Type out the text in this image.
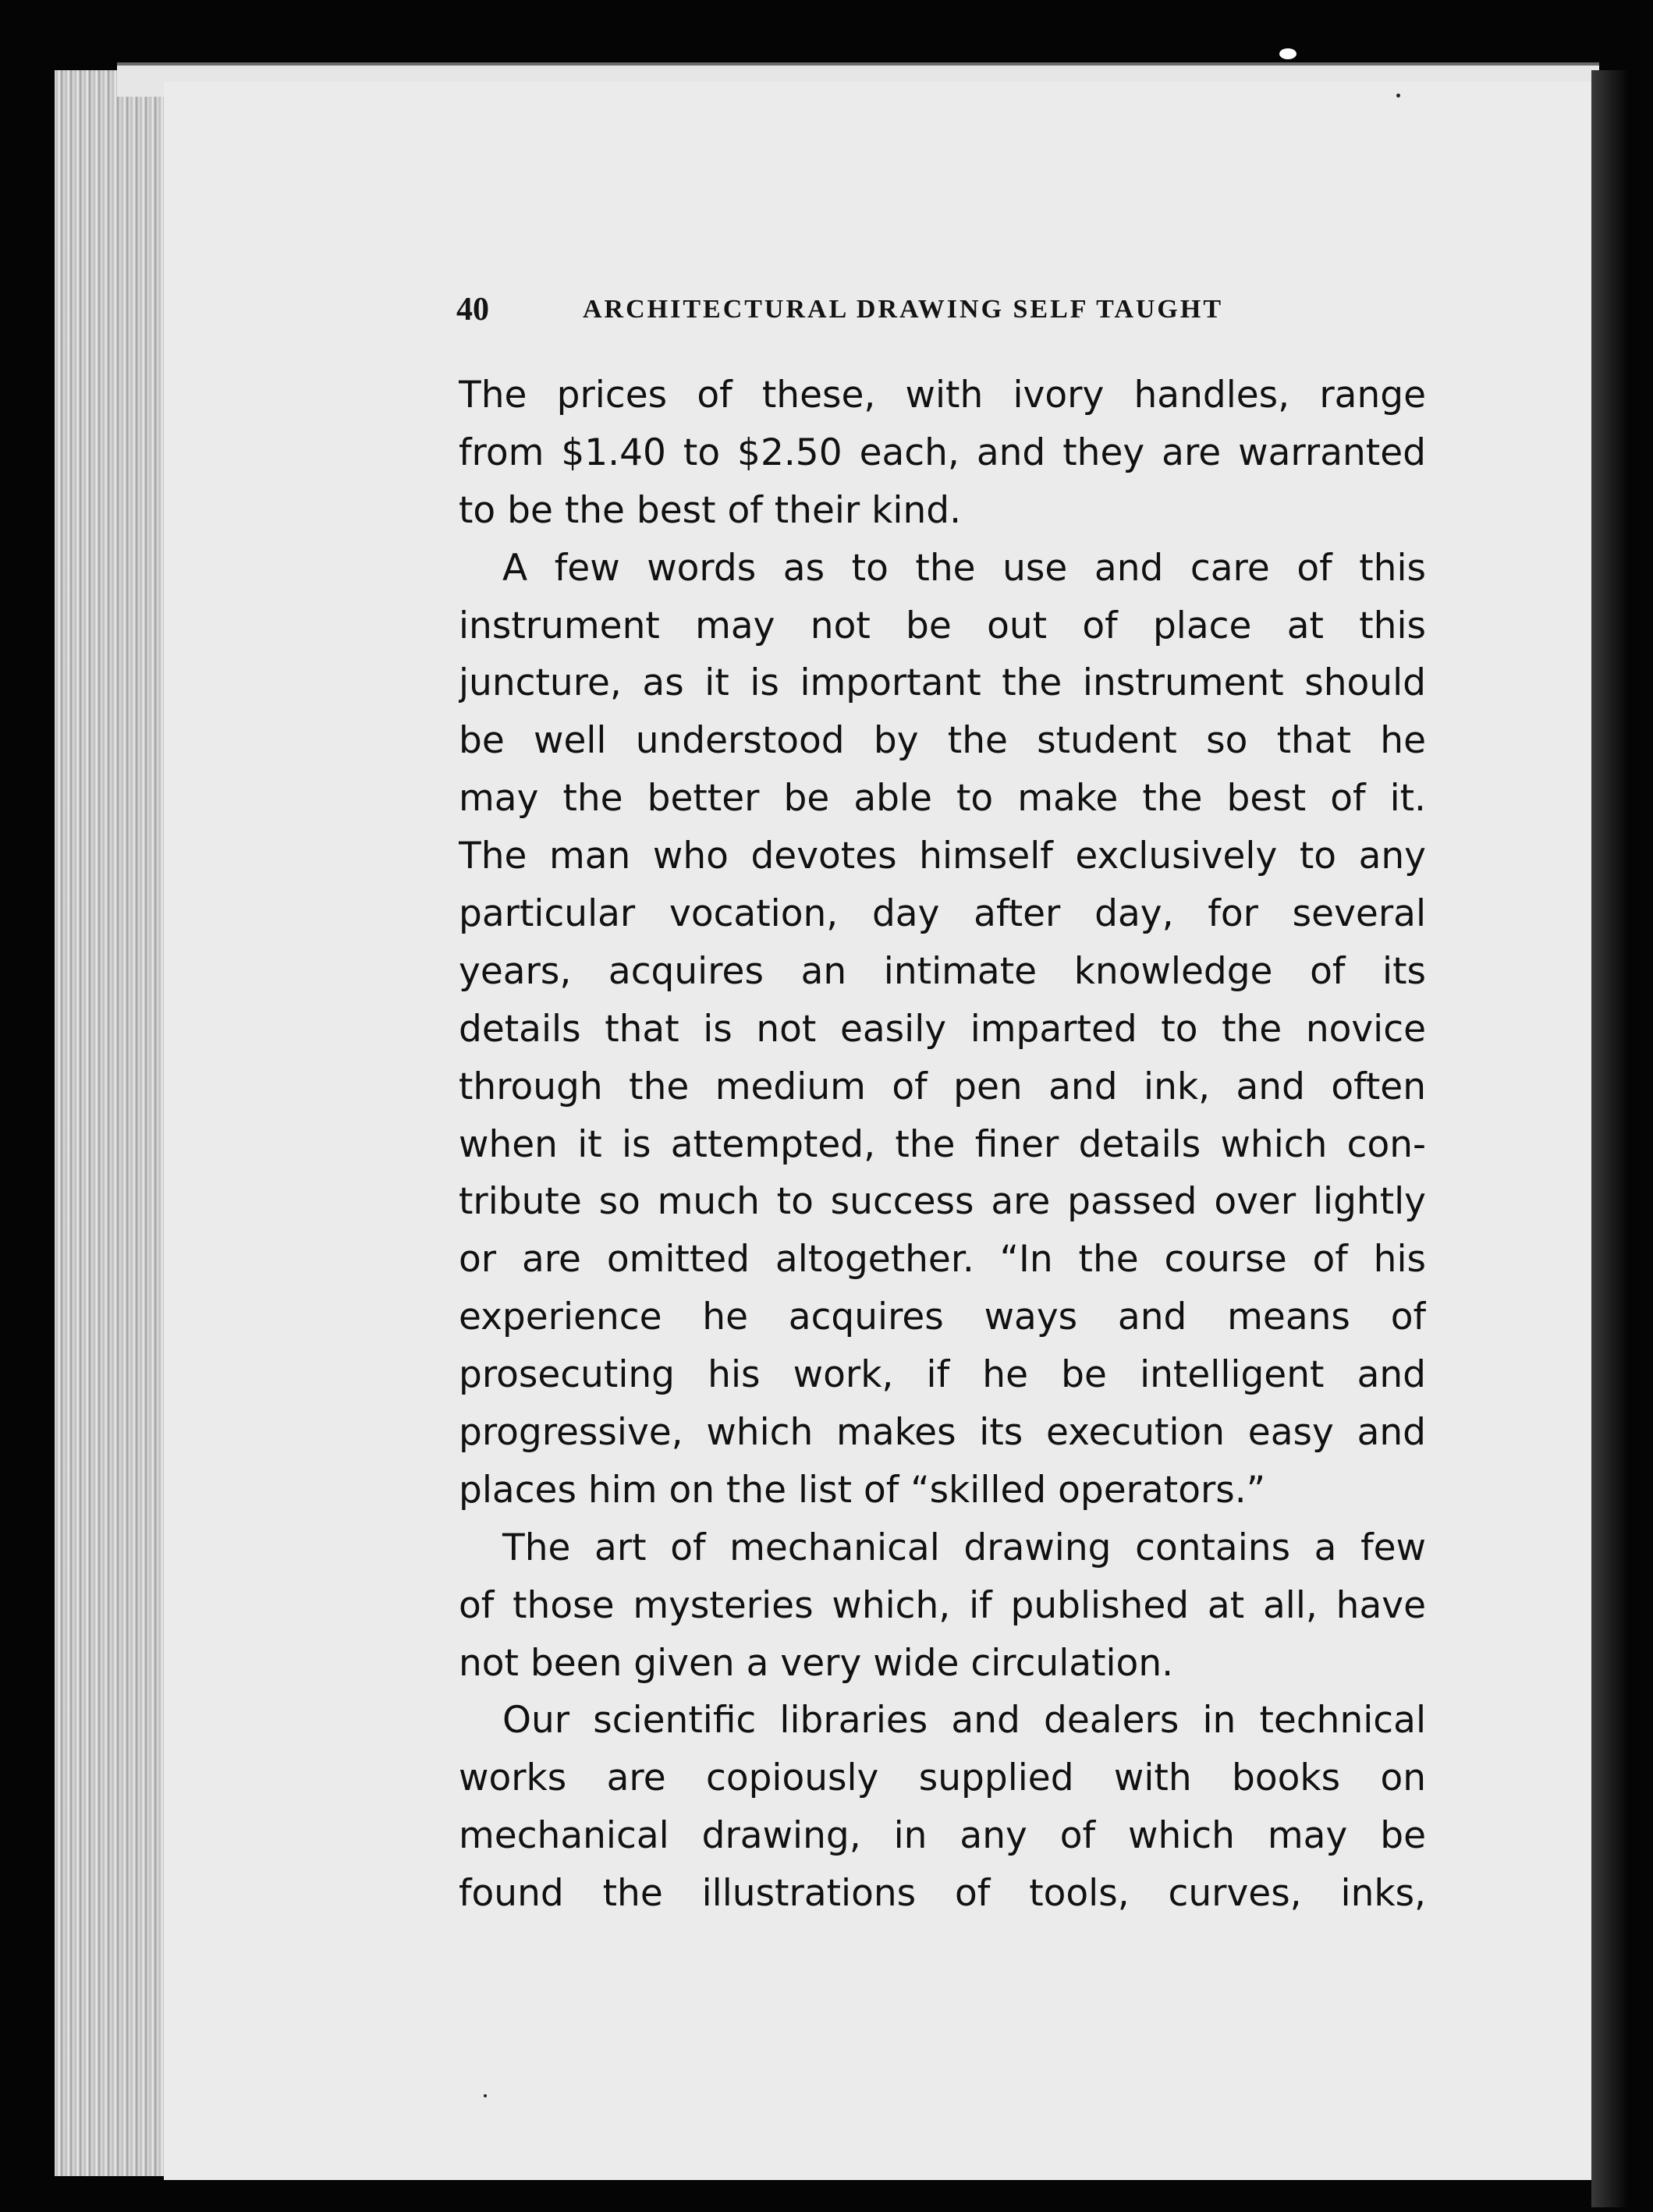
40	ARCHITECTURAL DRAWING SELF TAUGHT
The prices of these, with ivory handles, range
from $1.40 to $2.50 each, and they are warranted
to be the best of their kind.
A few words as to the use and care of this
instrument may not be out of place at this
juncture, as it is important the instrument should
be well understood by the student so that he
may the better be able to make the best of it.
The man who devotes himself exclusively to any
particular vocation, day after day, for several
years, acquires an intimate knowledge of its
details that is not easily imparted to the novice
through the medium of pen and ink, and often
when it is attempted, the finer details which con-
tribute so much to success are passed over lightly
or are omitted altogether. “In the course of his
experience he acquires ways and means of
prosecuting his work, if he be intelligent and
progressive, which makes its execution easy and
places him on the list of “skilled operators.”
The art of mechanical drawing contains a few
of those mysteries which, if published at all, have
not been given a very wide circulation.
Our scientific libraries and dealers in technical
works are copiously supplied with books on
mechanical drawing, in any of which may be
found the illustrations of tools, curves, inks,
